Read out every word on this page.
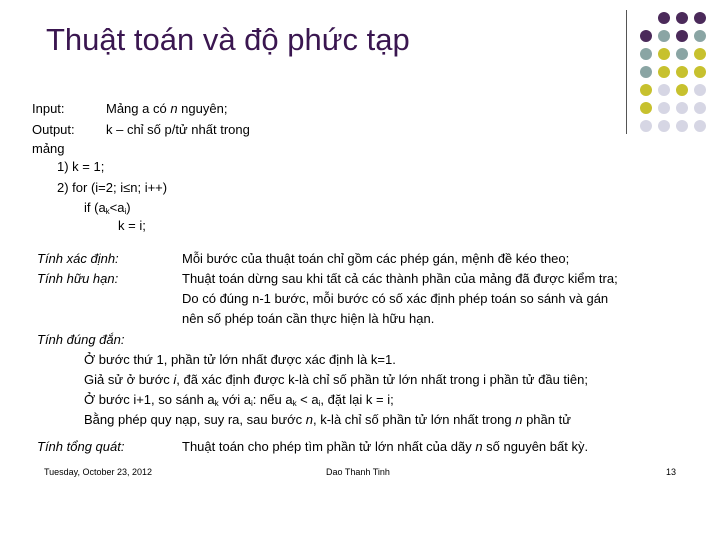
Thuật toán và độ phức tạp
Input:	Mảng a có n nguyên;
Output: k – chỉ số p/tử nhất trong
mảng
1) k = 1;
2) for (i=2; i≤n; i++)
if $(a_k<a_i)$
k = i;
Tính xác định:	Mỗi bước của thuật toán chỉ gồm các phép gán, mệnh đề kéo theo;
Tính hữu hạn:	Thuật toán dừng sau khi tất cả các thành phần của mảng đã được kiểm tra;
Do có đúng n-1 bước, mỗi bước có số xác định phép toán so sánh và gán
nên số phép toán cần thực hiện là hữu hạn.
Tính đúng đắn:
Ở bước thứ 1, phần tử lớn nhất được xác định là k=1.
Giả sử ở bước i, đã xác định được k-là chỉ số phần tử lớn nhất trong i phần tử đầu tiên;
Ở bước i+1, so sánh $a_k$ với $a_i$: nếu $a_k < a_i$, đặt lại k = i;
Bằng phép quy nạp, suy ra, sau bước n, k-là chỉ số phần tử lớn nhất trong n phần tử
Tính tổng quát:	Thuật toán cho phép tìm phần tử lớn nhất của dãy n số nguyên bất kỳ.
Tuesday, October 23, 2012	Dao Thanh Tinh	13
